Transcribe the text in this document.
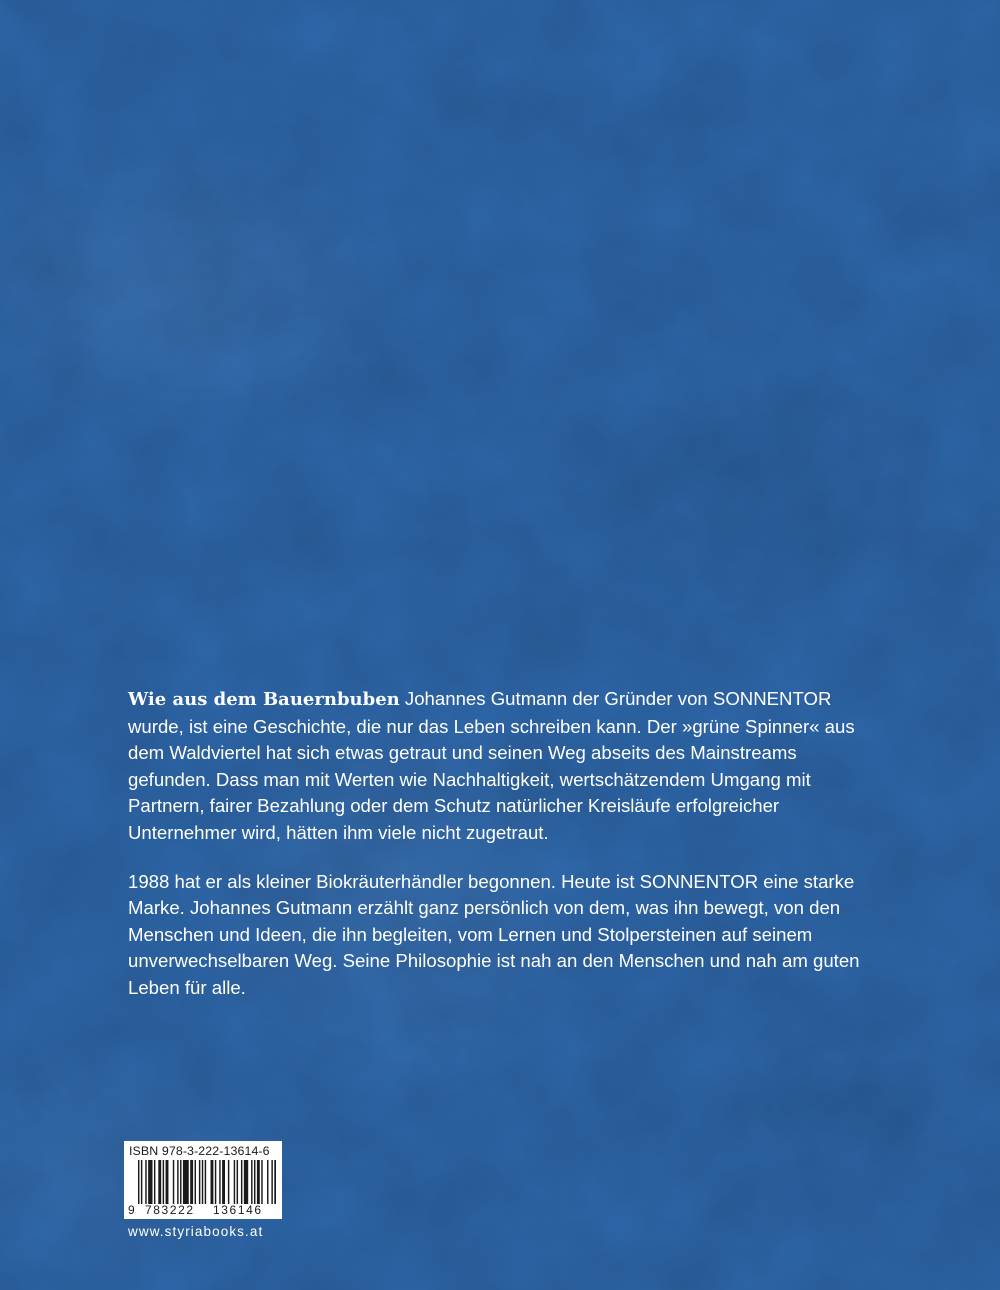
Wie aus dem Bauernbuben Johannes Gutmann der Gründer von SONNENTOR wurde, ist eine Geschichte, die nur das Leben schreiben kann. Der »grüne Spinner« aus dem Waldviertel hat sich etwas getraut und seinen Weg abseits des Mainstreams gefunden. Dass man mit Werten wie Nachhaltigkeit, wertschätzendem Umgang mit Partnern, fairer Bezahlung oder dem Schutz natürlicher Kreisläufe erfolgreicher Unternehmer wird, hätten ihm viele nicht zugetraut.

1988 hat er als kleiner Biokräuterhändler begonnen. Heute ist SONNENTOR eine starke Marke. Johannes Gutmann erzählt ganz persönlich von dem, was ihn bewegt, von den Menschen und Ideen, die ihn begleiten, vom Lernen und Stolpersteinen auf seinem unverwechselbaren Weg. Seine Philosophie ist nah an den Menschen und nah am guten Leben für alle.

ISBN 978-3-222-13614-6
9 783222 136146
www.styriabooks.at
